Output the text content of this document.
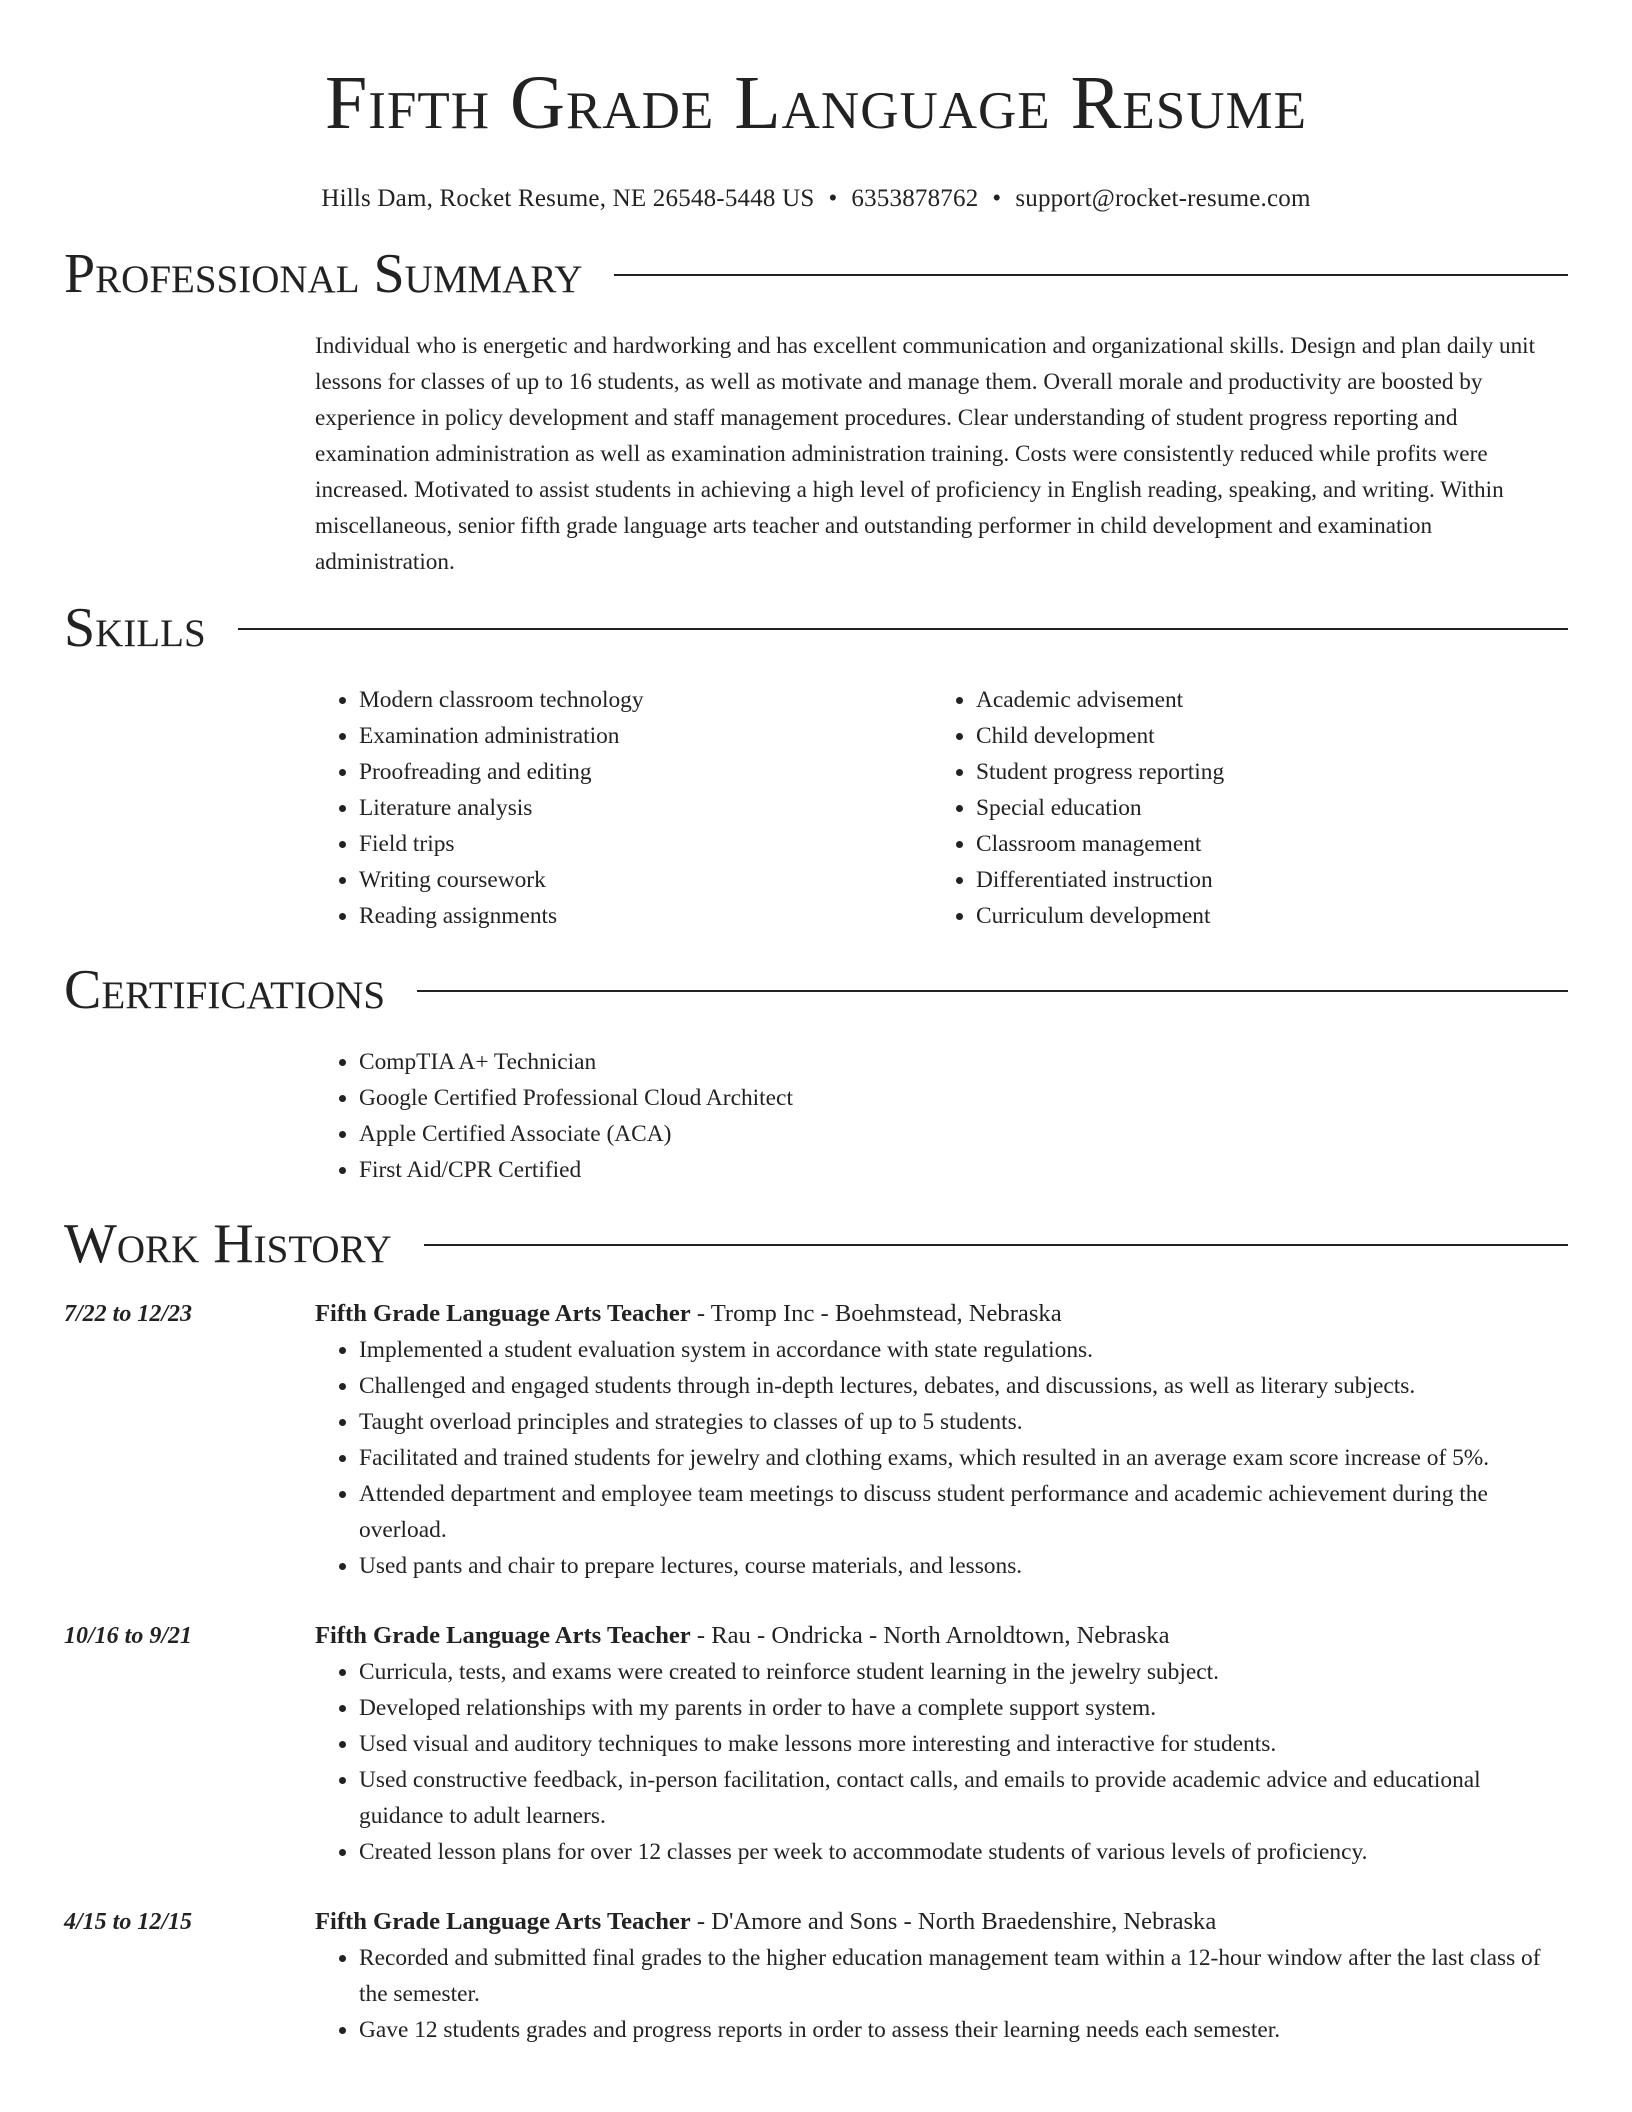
Fifth Grade Language Resume
Hills Dam, Rocket Resume, NE 26548-5448 US • 6353878762 • support@rocket-resume.com
Professional Summary

Individual who is energetic and hardworking and has excellent communication and organizational skills. Design and plan daily unit lessons for classes of up to 16 students, as well as motivate and manage them. Overall morale and productivity are boosted by experience in policy development and staff management procedures. Clear understanding of student progress reporting and examination administration as well as examination administration training. Costs were consistently reduced while profits were increased. Motivated to assist students in achieving a high level of proficiency in English reading, speaking, and writing. Within miscellaneous, senior fifth grade language arts teacher and outstanding performer in child development and examination administration.

Skills
• Modern classroom technology
• Examination administration
• Proofreading and editing
• Literature analysis
• Field trips
• Writing coursework
• Reading assignments
• Academic advisement
• Child development
• Student progress reporting
• Special education
• Classroom management
• Differentiated instruction
• Curriculum development
Certifications
• CompTIA A+ Technician
• Google Certified Professional Cloud Architect
• Apple Certified Associate (ACA)
• First Aid/CPR Certified
Work History
7/22 to 12/23	Fifth Grade Language Arts Teacher - Tromp Inc - Boehmstead, Nebraska
• Implemented a student evaluation system in accordance with state regulations.
• Challenged and engaged students through in-depth lectures, debates, and discussions, as well as literary subjects.
• Taught overload principles and strategies to classes of up to 5 students.
• Facilitated and trained students for jewelry and clothing exams, which resulted in an average exam score increase of 5%.
• Attended department and employee team meetings to discuss student performance and academic achievement during the overload.
• Used pants and chair to prepare lectures, course materials, and lessons.
10/16 to 9/21	Fifth Grade Language Arts Teacher - Rau - Ondricka - North Arnoldtown, Nebraska
• Curricula, tests, and exams were created to reinforce student learning in the jewelry subject.
• Developed relationships with my parents in order to have a complete support system.
• Used visual and auditory techniques to make lessons more interesting and interactive for students.
• Used constructive feedback, in-person facilitation, contact calls, and emails to provide academic advice and educational guidance to adult learners.
• Created lesson plans for over 12 classes per week to accommodate students of various levels of proficiency.
4/15 to 12/15	Fifth Grade Language Arts Teacher - D'Amore and Sons - North Braedenshire, Nebraska
• Recorded and submitted final grades to the higher education management team within a 12-hour window after the last class of the semester.
• Gave 12 students grades and progress reports in order to assess their learning needs each semester.
